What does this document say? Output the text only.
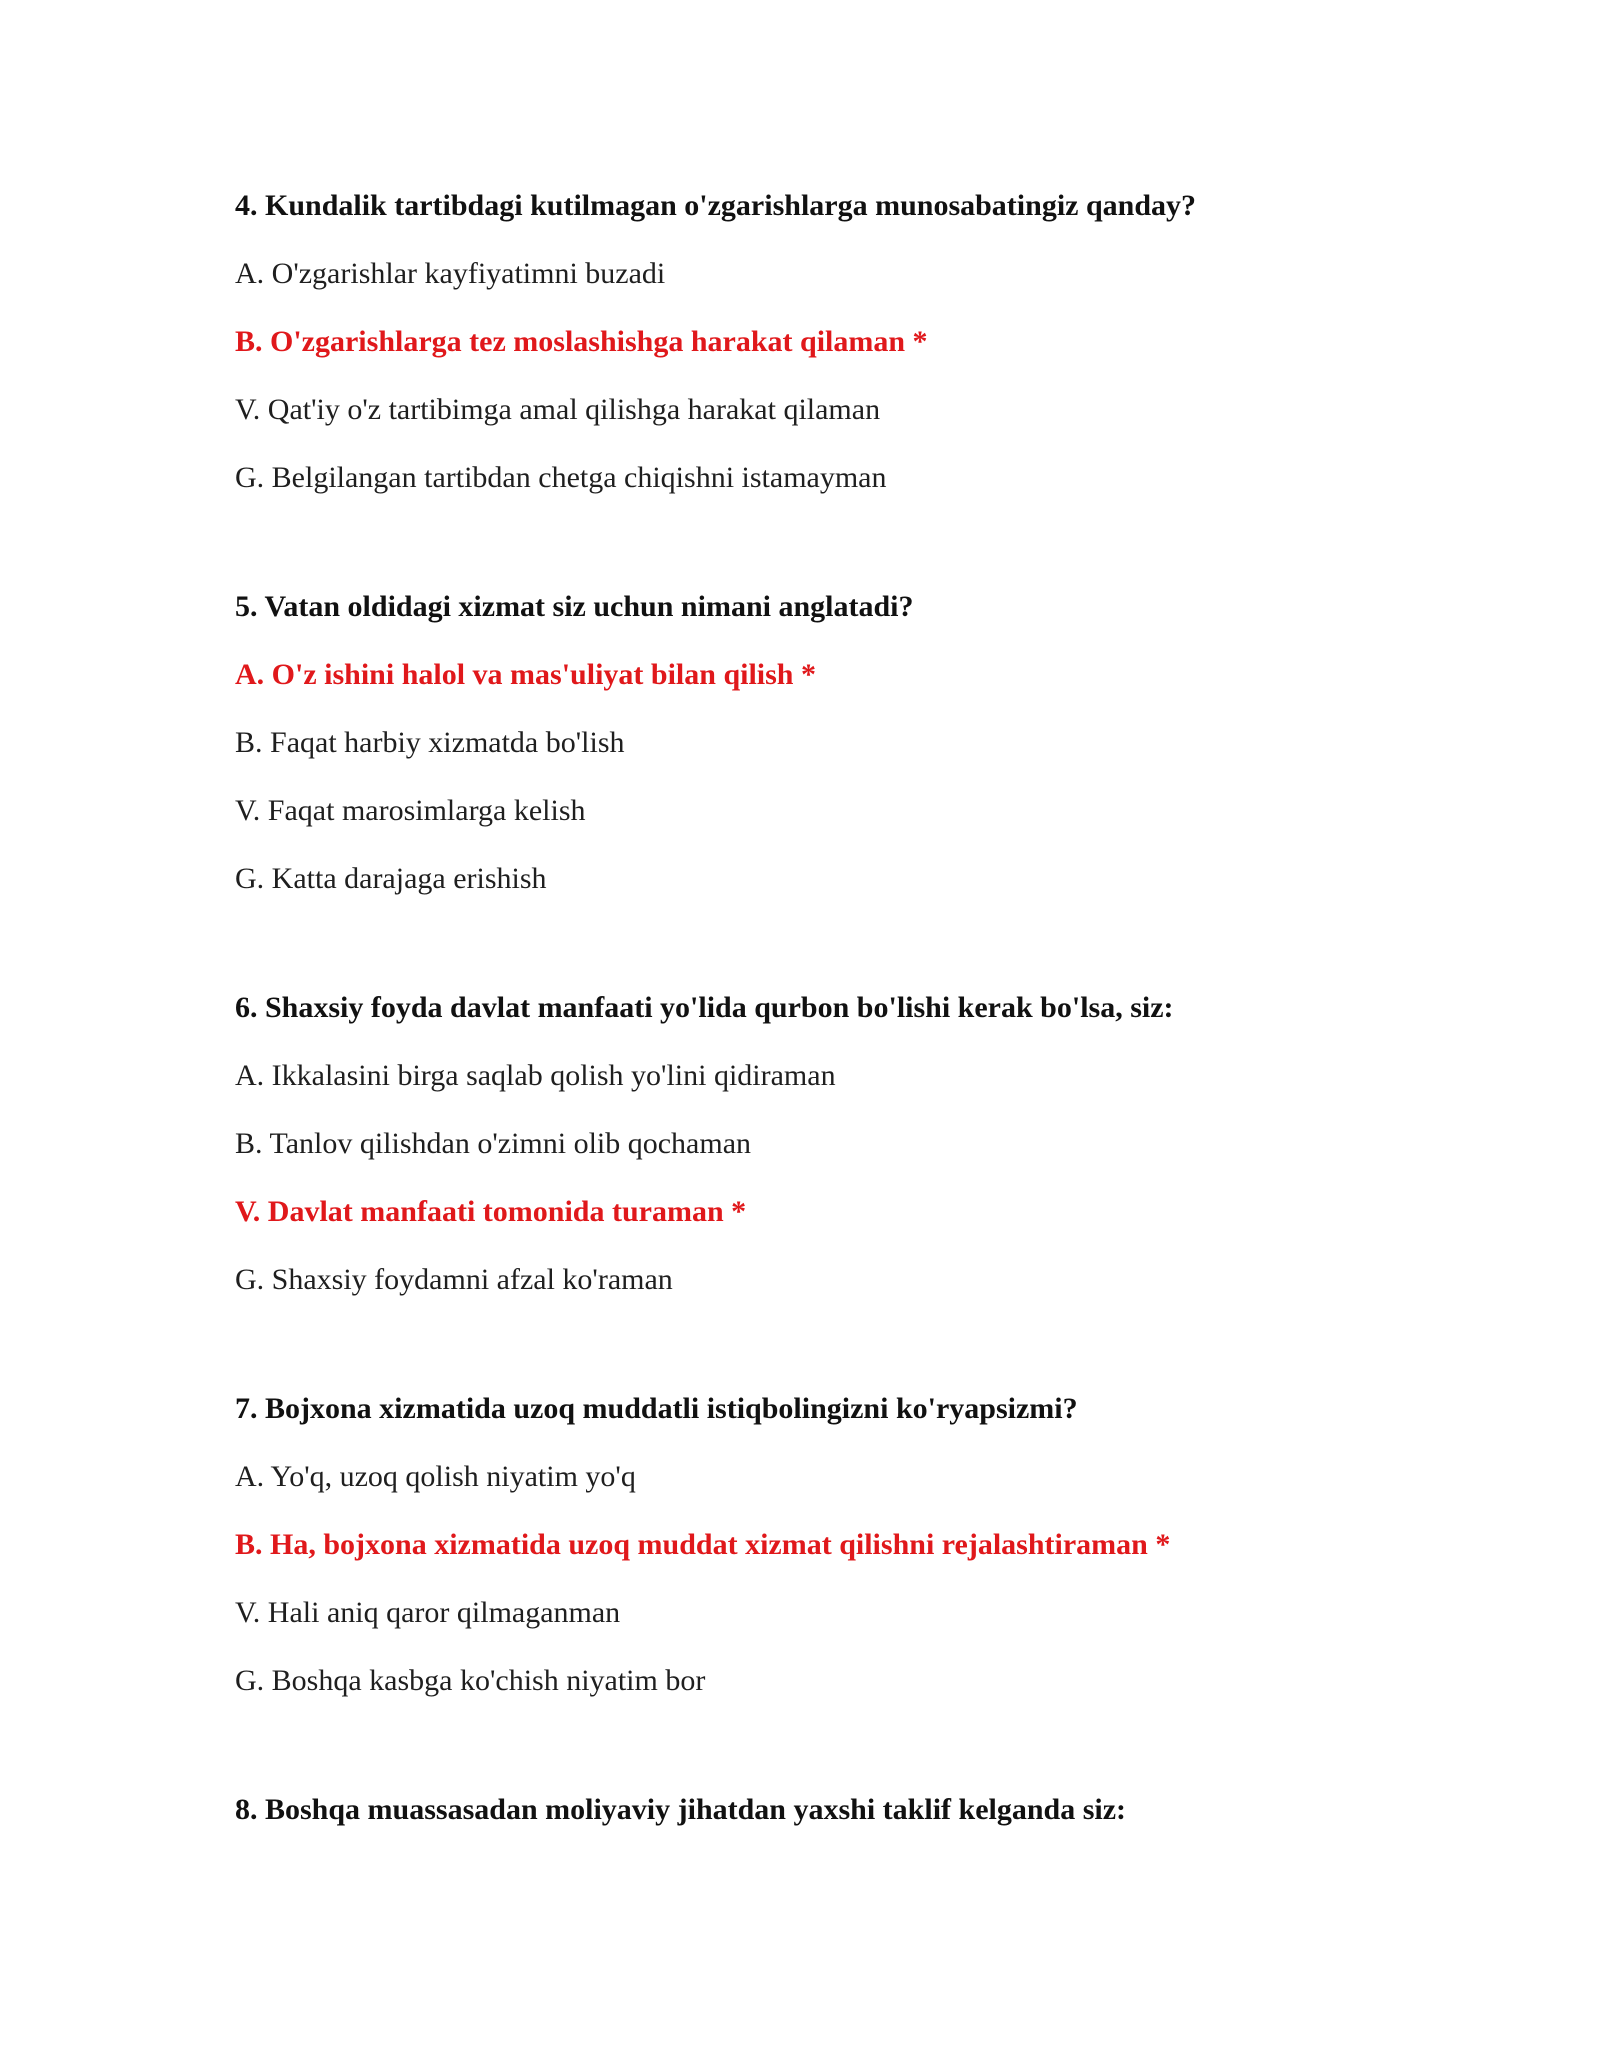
4. Kundalik tartibdagi kutilmagan o'zgarishlarga munosabatingiz qanday?

A. O'zgarishlar kayfiyatimni buzadi

B. O'zgarishlarga tez moslashishga harakat qilaman *

V. Qat'iy o'z tartibimga amal qilishga harakat qilaman

G. Belgilangan tartibdan chetga chiqishni istamayman

5. Vatan oldidagi xizmat siz uchun nimani anglatadi?

A. O'z ishini halol va mas'uliyat bilan qilish *

B. Faqat harbiy xizmatda bo'lish

V. Faqat marosimlarga kelish

G. Katta darajaga erishish

6. Shaxsiy foyda davlat manfaati yo'lida qurbon bo'lishi kerak bo'lsa, siz:

A. Ikkalasini birga saqlab qolish yo'lini qidiraman

B. Tanlov qilishdan o'zimni olib qochaman

V. Davlat manfaati tomonida turaman *

G. Shaxsiy foydamni afzal ko'raman

7. Bojxona xizmatida uzoq muddatli istiqbolingizni ko'ryapsizmi?

A. Yo'q, uzoq qolish niyatim yo'q

B. Ha, bojxona xizmatida uzoq muddat xizmat qilishni rejalashtiraman *

V. Hali aniq qaror qilmaganman

G. Boshqa kasbga ko'chish niyatim bor

8. Boshqa muassasadan moliyaviy jihatdan yaxshi taklif kelganda siz:
